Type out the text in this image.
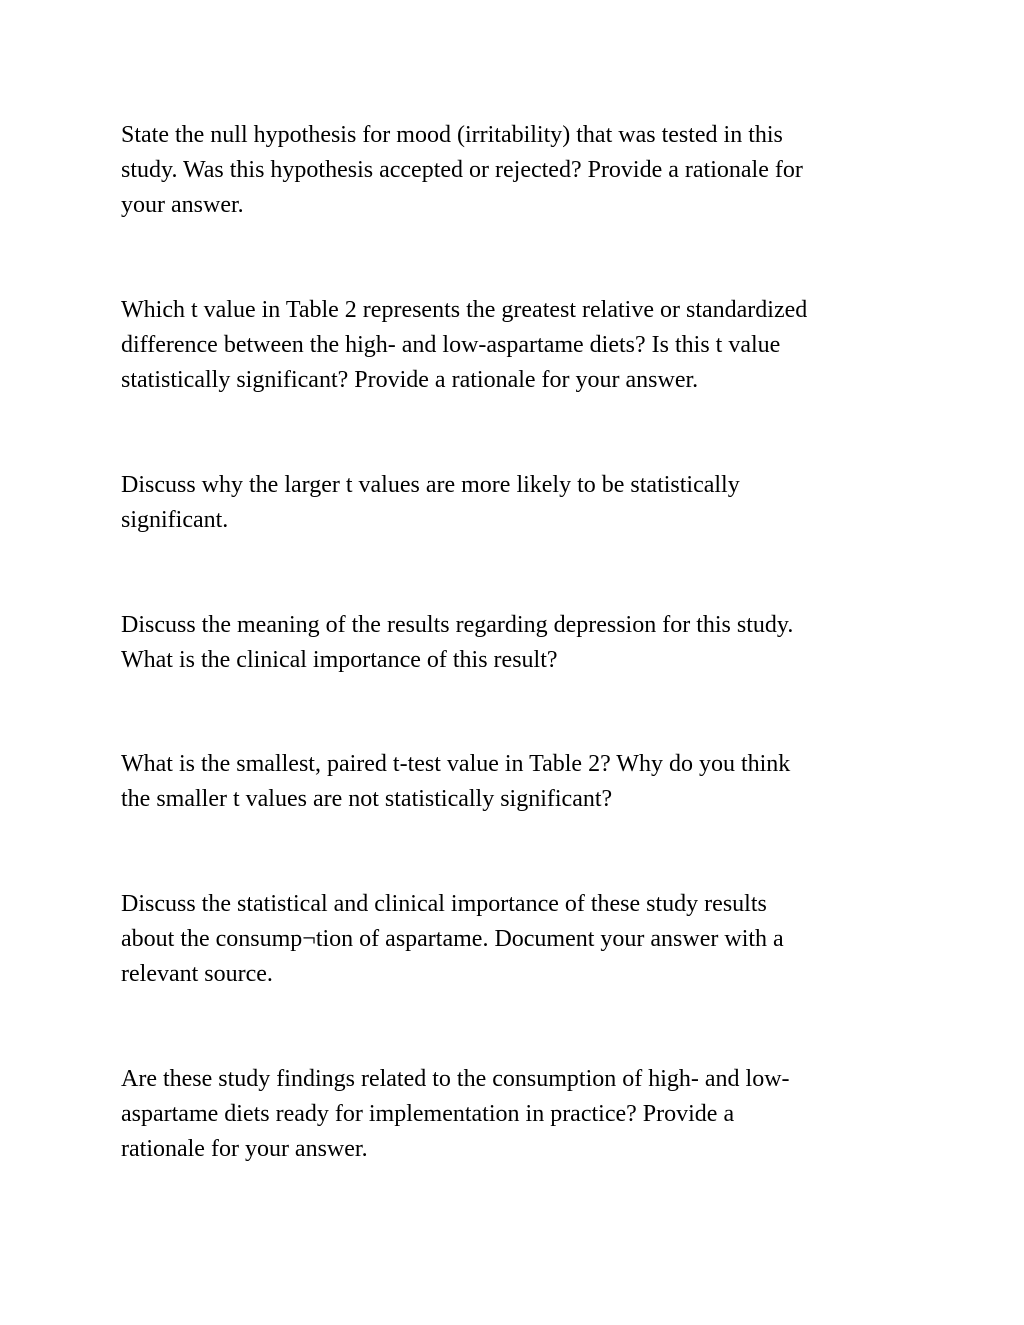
State the null hypothesis for mood (irritability) that was tested in this
study. Was this hypothesis accepted or rejected? Provide a rationale for
your answer.

Which t value in Table 2 represents the greatest relative or standardized
difference between the high- and low-aspartame diets? Is this t value
statistically significant? Provide a rationale for your answer.

Discuss why the larger t values are more likely to be statistically
significant.

Discuss the meaning of the results regarding depression for this study.
What is the clinical importance of this result?

What is the smallest, paired t-test value in Table 2? Why do you think
the smaller t values are not statistically significant?

Discuss the statistical and clinical importance of these study results
about the consump¬tion of aspartame. Document your answer with a
relevant source.

Are these study findings related to the consumption of high- and low-
aspartame diets ready for implementation in practice? Provide a
rationale for your answer.
